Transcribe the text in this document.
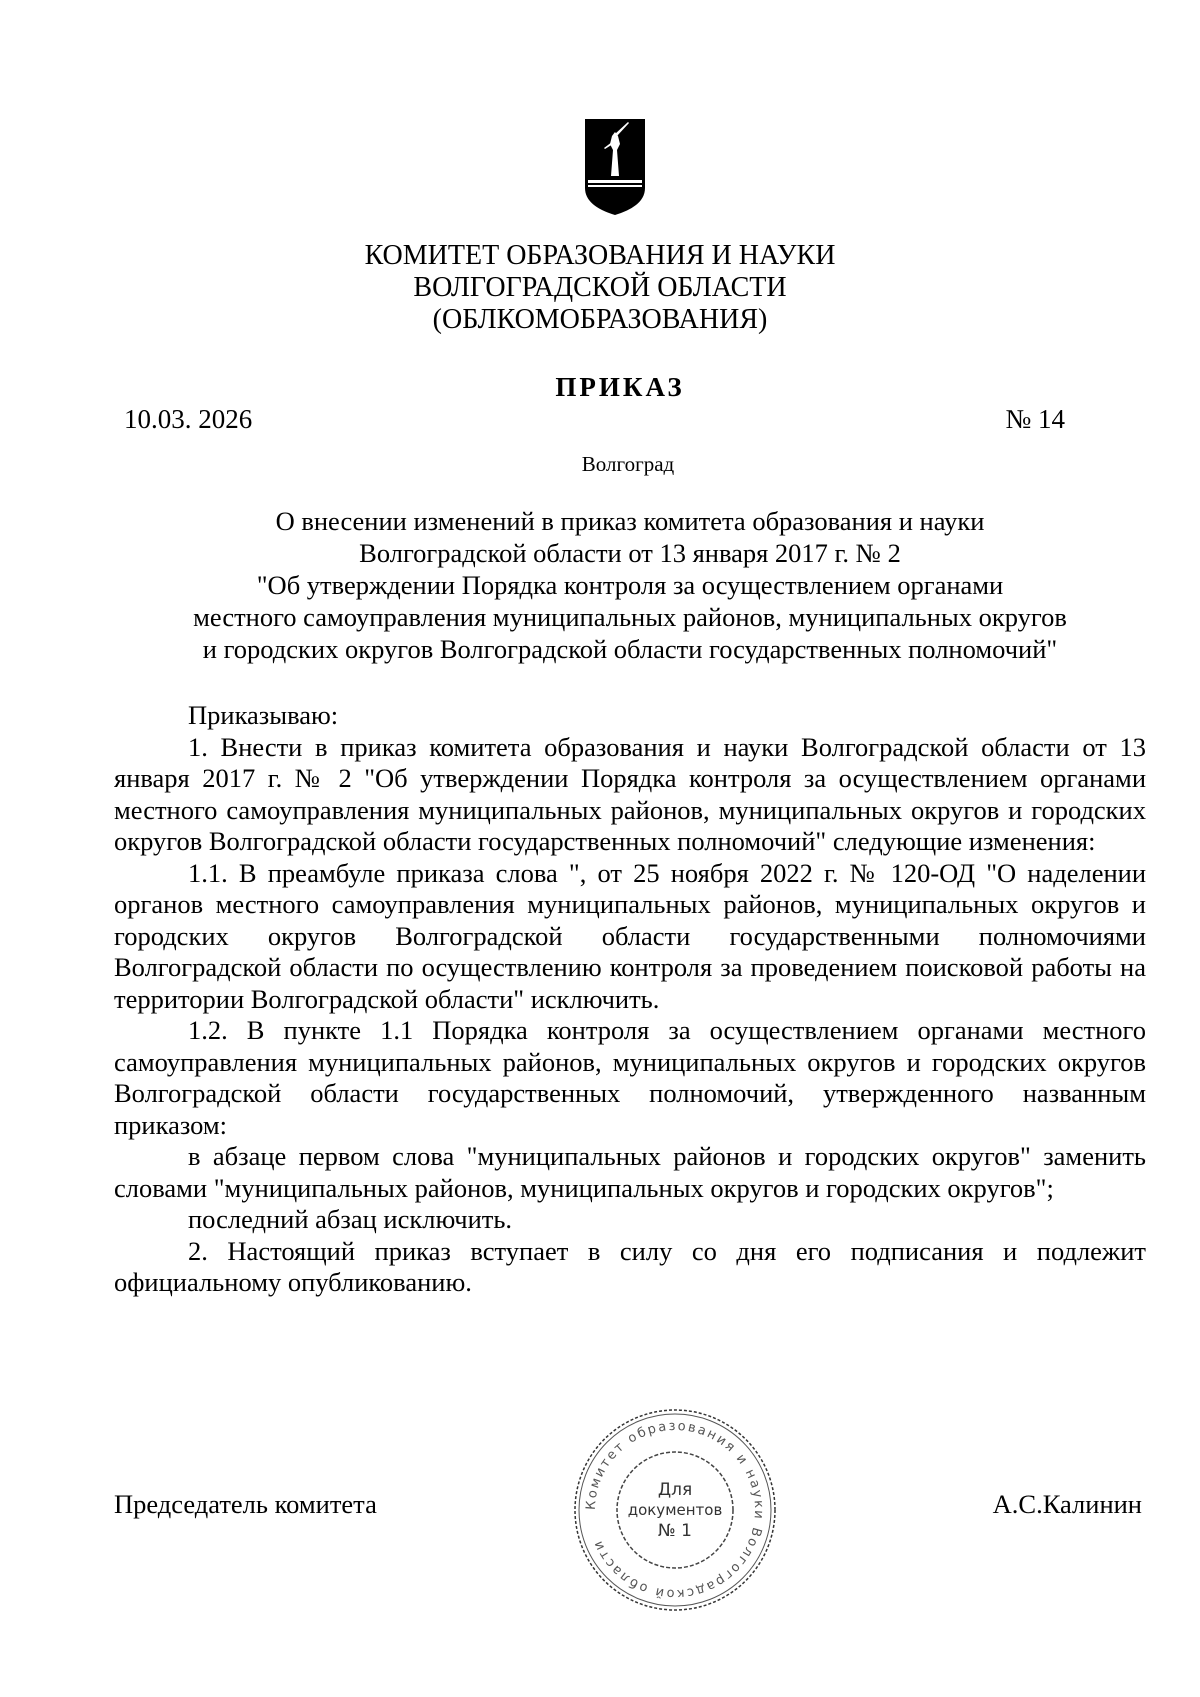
КОМИТЕТ ОБРАЗОВАНИЯ И НАУКИ
ВОЛГОГРАДСКОЙ ОБЛАСТИ
(ОБЛКОМОБРАЗОВАНИЯ)
ПРИКАЗ
10.03. 2026	№ 14
Волгоград
О внесении изменений в приказ комитета образования и науки
Волгоградской области от 13 января 2017 г. № 2
"Об утверждении Порядка контроля за осуществлением органами
местного самоуправления муниципальных районов, муниципальных округов
и городских округов Волгоградской области государственных полномочий"

Приказываю:

1. Внести в приказ комитета образования и науки Волгоградской области от 13 января 2017 г. № 2 "Об утверждении Порядка контроля за осуществлением органами местного самоуправления муниципальных районов, муниципальных округов и городских округов Волгоградской области государственных полномочий" следующие изменения:

1.1. В преамбуле приказа слова ", от 25 ноября 2022 г. № 120-ОД "О наделении органов местного самоуправления муниципальных районов, муниципальных округов и городских округов Волгоградской области государственными полномочиями Волгоградской области по осуществлению контроля за проведением поисковой работы на территории Волгоградской области" исключить.

1.2. В пункте 1.1 Порядка контроля за осуществлением органами местного самоуправления муниципальных районов, муниципальных округов и городских округов Волгоградской области государственных полномочий, утвержденного названным приказом:

в абзаце первом слова "муниципальных районов и городских округов" заменить словами "муниципальных районов, муниципальных округов и городских округов";

последний абзац исключить.

2. Настоящий приказ вступает в силу со дня его подписания и подлежит официальному опубликованию.

Председатель комитета	А.С.Калинин
Комитет образования и науки Волгоградской области
Для
документов
№ 1
